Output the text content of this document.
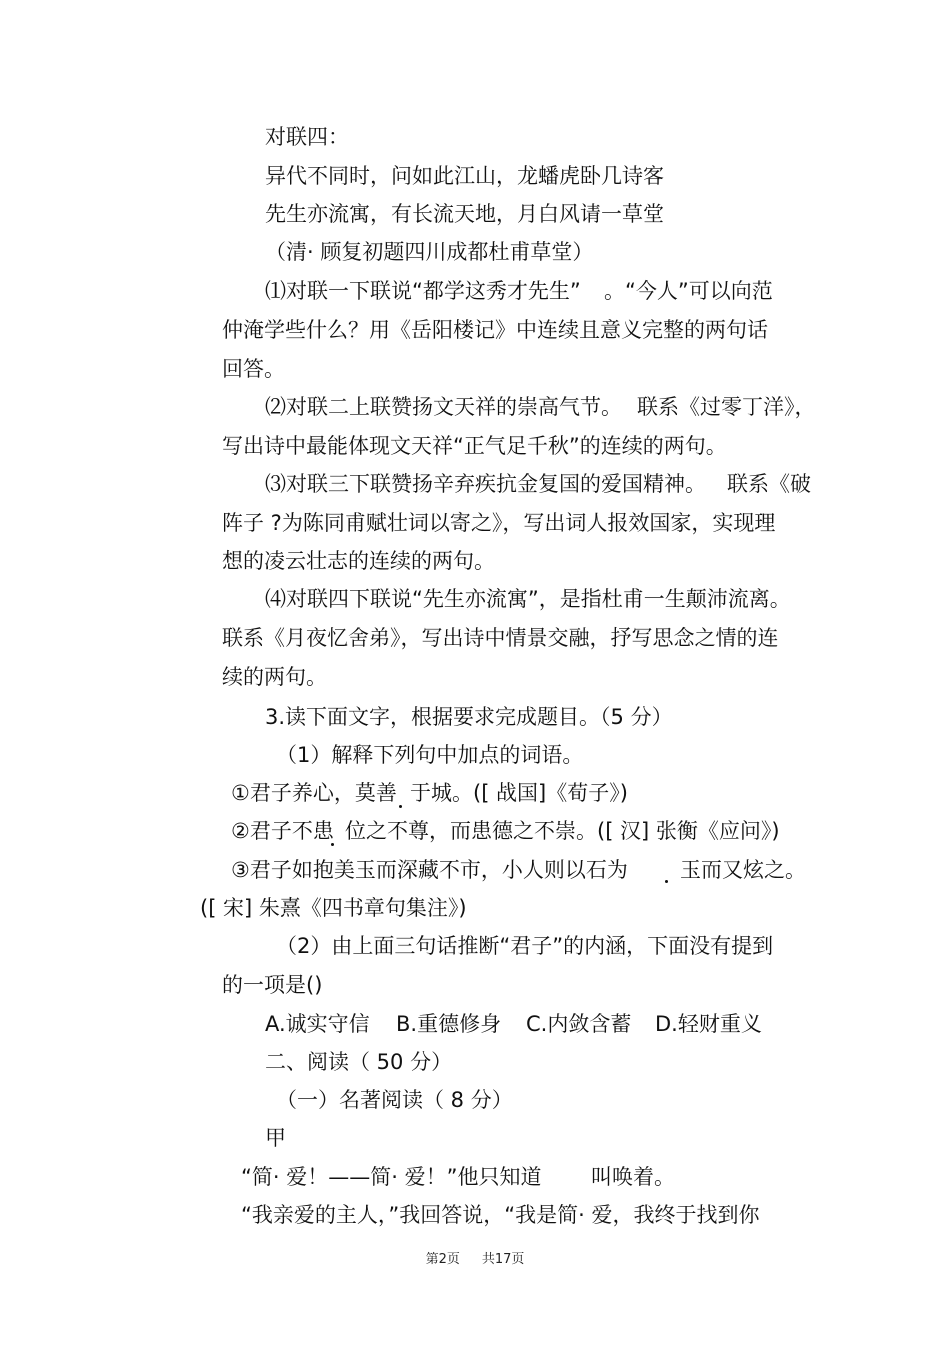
对联四：
异代不同时，问如此江山，龙蟠虎卧几诗客
先生亦流寓，有长流天地，月白风请一草堂
（清· 顾复初题四川成都杜甫草堂）
⑴对联一下联说“都学这秀才先生” 。“今人”可以向范
仲淹学些什么？用《岳阳楼记》中连续且意义完整的两句话
回答。
⑵对联二上联赞扬文天祥的崇高气节。 联系《过零丁洋》，
写出诗中最能体现文天祥“正气足千秋”的连续的两句。
⑶对联三下联赞扬辛弃疾抗金复国的爱国精神。 联系《破
阵子 ?为陈同甫赋壮词以寄之》，写出词人报效国家，实现理
想的凌云壮志的连续的两句。
⑷对联四下联说“先生亦流寓”，是指杜甫一生颠沛流离。
联系《月夜忆舍弟》，写出诗中情景交融，抒写思念之情的连
续的两句。
3.读下面文字，根据要求完成题目。（5 分）
（1）解释下列句中加点的词语。
①君子养心，莫善 于城。([ 战国]《荀子》)
②君子不患 位之不尊，而患德之不崇。([ 汉] 张衡《应问》)
③君子如抱美玉而深藏不市，小人则以石为 玉而又炫之。
([ 宋] 朱熹《四书章句集注》)
（2）由上面三句话推断“君子”的内涵，下面没有提到
的一项是()
A.诚实守信 B.重德修身 C.内敛含蓄 D.轻财重义
二、阅读（ 50 分）
（一）名著阅读（ 8 分）
甲
“简· 爱！——简· 爱！”他只知道 叫唤着。
“我亲爱的主人，”我回答说，“我是简· 爱，我终于找到你
第2页 共17页
